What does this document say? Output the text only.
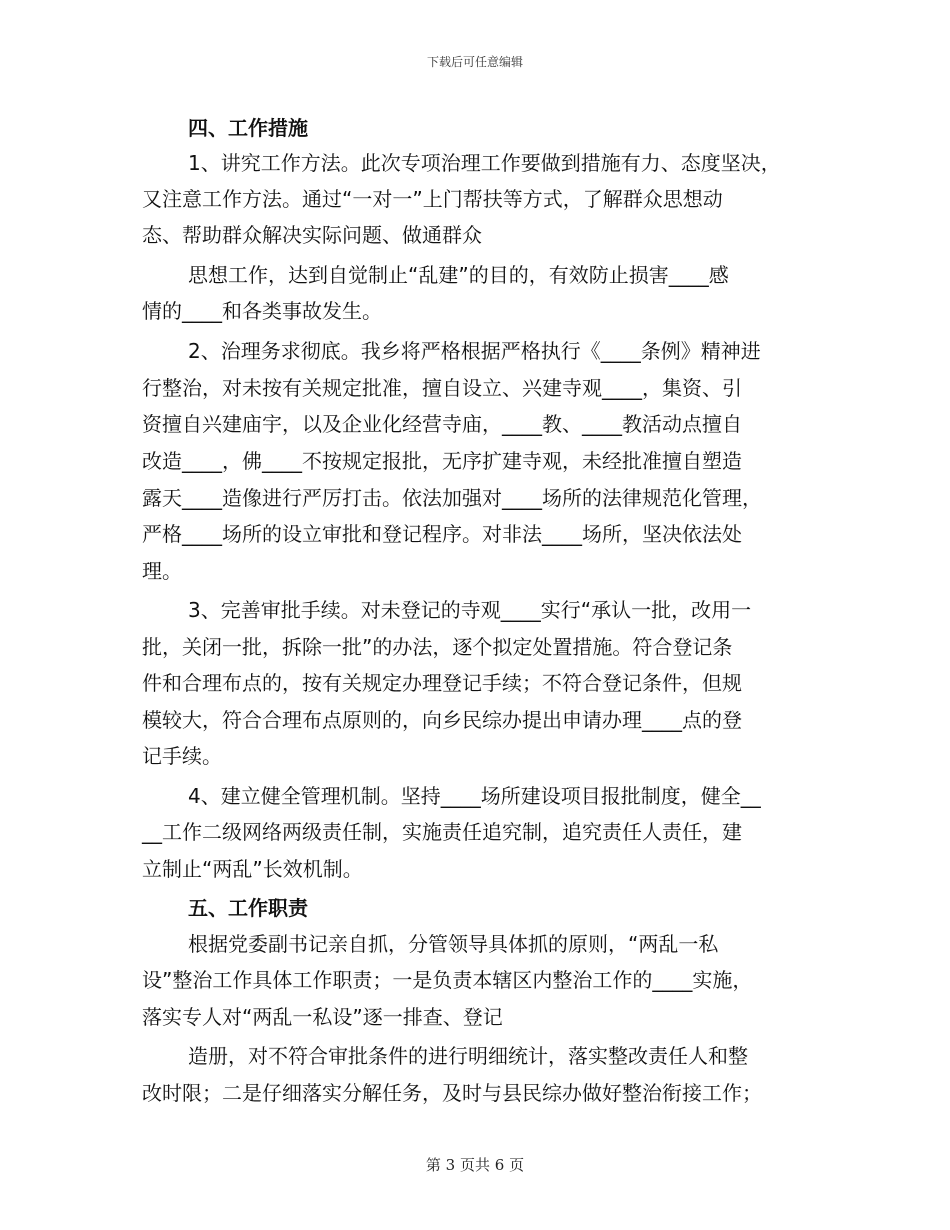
下载后可任意编辑
四、工作措施
1、讲究工作方法。此次专项治理工作要做到措施有力、态度坚决，
又注意工作方法。通过“一对一”上门帮扶等方式，了解群众思想动
态、帮助群众解决实际问题、做通群众
思想工作，达到自觉制止“乱建”的目的，有效防止损害____感
情的____和各类事故发生。
2、治理务求彻底。我乡将严格根据严格执行《____条例》精神进
行整治，对未按有关规定批准，擅自设立、兴建寺观____，集资、引
资擅自兴建庙宇，以及企业化经营寺庙，____教、____教活动点擅自
改造____，佛____不按规定报批，无序扩建寺观，未经批准擅自塑造
露天____造像进行严厉打击。依法加强对____场所的法律规范化管理，
严格____场所的设立审批和登记程序。对非法____场所，坚决依法处
理。
3、完善审批手续。对未登记的寺观____实行“承认一批，改用一
批，关闭一批，拆除一批”的办法，逐个拟定处置措施。符合登记条
件和合理布点的，按有关规定办理登记手续；不符合登记条件，但规
模较大，符合合理布点原则的，向乡民综办提出申请办理____点的登
记手续。
4、建立健全管理机制。坚持____场所建设项目报批制度，健全__
__工作二级网络两级责任制，实施责任追究制，追究责任人责任，建
立制止“两乱”长效机制。
五、工作职责
根据党委副书记亲自抓，分管领导具体抓的原则，“两乱一私
设”整治工作具体工作职责；一是负责本辖区内整治工作的____实施，
落实专人对“两乱一私设”逐一排查、登记
造册，对不符合审批条件的进行明细统计，落实整改责任人和整
改时限；二是仔细落实分解任务，及时与县民综办做好整治衔接工作；
第 3 页共 6 页
